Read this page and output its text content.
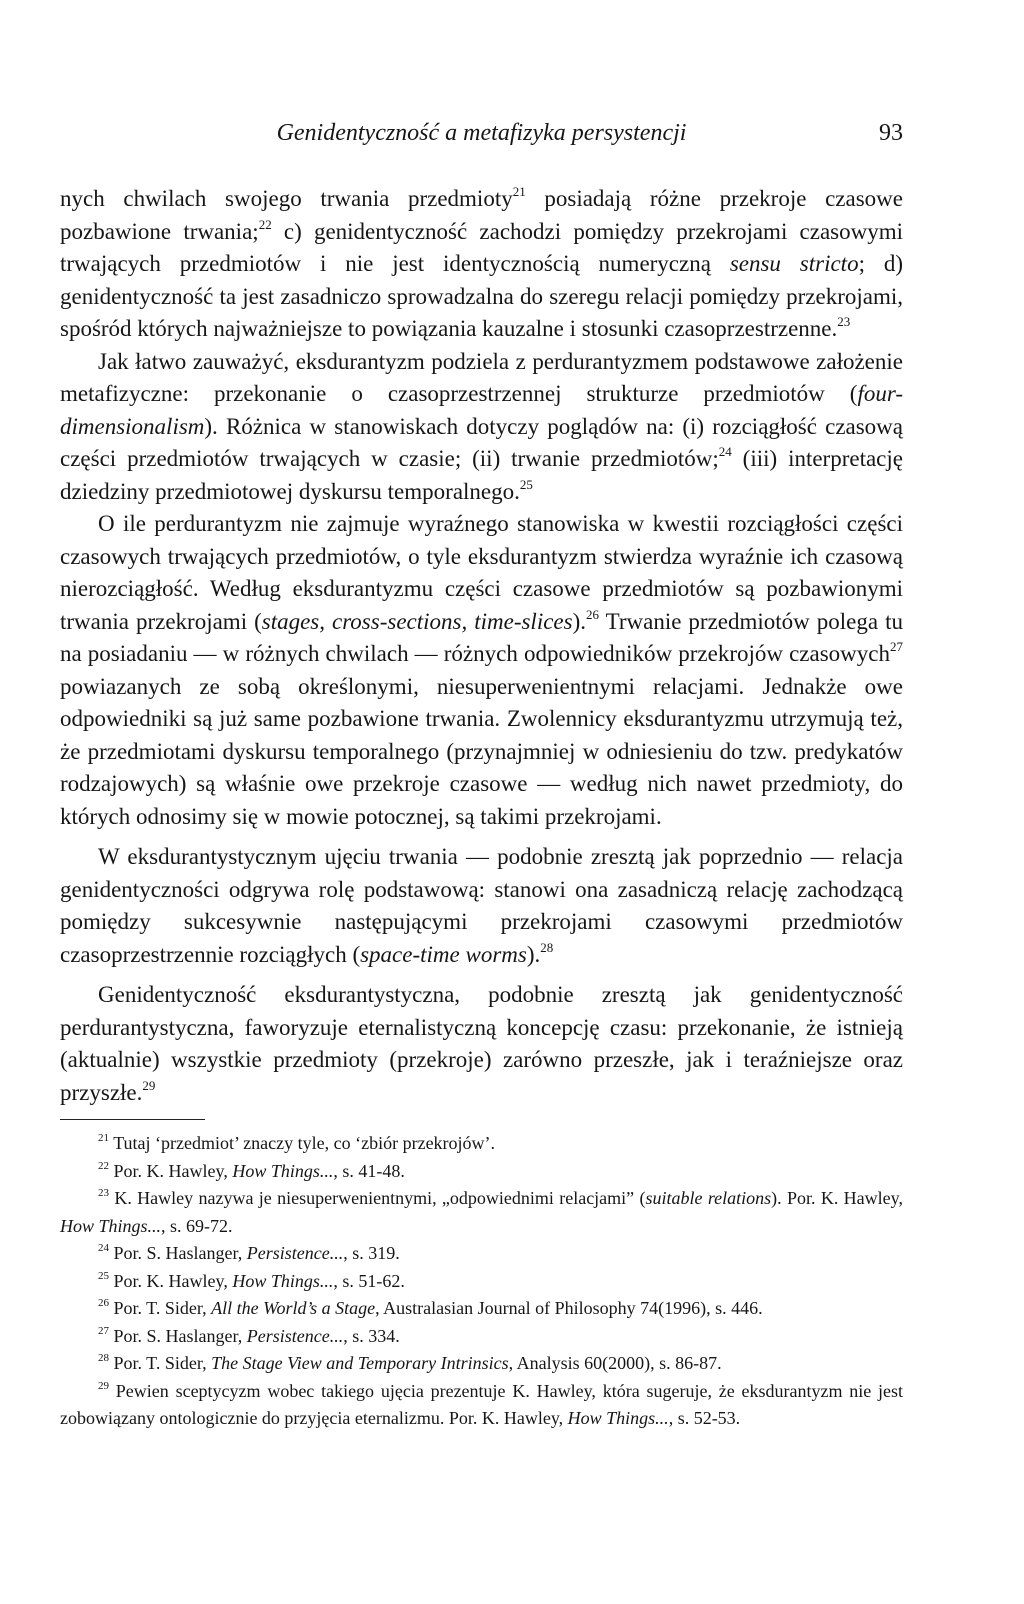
Genidentyczność a metafizyka persystencji	93

nych chwilach swojego trwania przedmioty$^{21}$ posiadają różne przekroje czasowe pozbawione trwania;$^{22}$ c) genidentyczność zachodzi pomiędzy przekrojami czasowymi trwających przedmiotów i nie jest identycznością numeryczną sensu stricto; d) genidentyczność ta jest zasadniczo sprowadzalna do szeregu relacji pomiędzy przekrojami, spośród których najważniejsze to powiązania kauzalne i stosunki czasoprzestrzenne.$^{23}$

Jak łatwo zauważyć, eksdurantyzm podziela z perdurantyzmem podstawowe założenie metafizyczne: przekonanie o czasoprzestrzennej strukturze przedmiotów (four-dimensionalism). Różnica w stanowiskach dotyczy poglądów na: (i) rozciągłość czasową części przedmiotów trwających w czasie; (ii) trwanie przedmiotów;$^{24}$ (iii) interpretację dziedziny przedmiotowej dyskursu temporalnego.$^{25}$

O ile perdurantyzm nie zajmuje wyraźnego stanowiska w kwestii rozciągłości części czasowych trwających przedmiotów, o tyle eksdurantyzm stwierdza wyraźnie ich czasową nierozciągłość. Według eksdurantyzmu części czasowe przedmiotów są pozbawionymi trwania przekrojami (stages, cross-sections, time-slices).$^{26}$ Trwanie przedmiotów polega tu na posiadaniu — w różnych chwilach — różnych odpowiedników przekrojów czasowych$^{27}$ powiazanych ze sobą określonymi, niesuperwenientnymi relacjami. Jednakże owe odpowiedniki są już same pozbawione trwania. Zwolennicy eksdurantyzmu utrzymują też, że przedmiotami dyskursu temporalnego (przynajmniej w odniesieniu do tzw. predykatów rodzajowych) są właśnie owe przekroje czasowe — według nich nawet przedmioty, do których odnosimy się w mowie potocznej, są takimi przekrojami.

W eksdurantystycznym ujęciu trwania — podobnie zresztą jak poprzednio — relacja genidentyczności odgrywa rolę podstawową: stanowi ona zasadniczą relację zachodzącą pomiędzy sukcesywnie następującymi przekrojami czasowymi przedmiotów czasoprzestrzennie rozciągłych (space-time worms).$^{28}$

Genidentyczność eksdurantystyczna, podobnie zresztą jak genidentyczność perdurantystyczna, faworyzuje eternalistyczną koncepcję czasu: przekonanie, że istnieją (aktualnie) wszystkie przedmioty (przekroje) zarówno przeszłe, jak i teraźniejsze oraz przyszłe.$^{29}$

$^{21}$ Tutaj ‘przedmiot’ znaczy tyle, co ‘zbiór przekrojów’.

$^{22}$ Por. K. Hawley, How Things..., s. 41-48.

$^{23}$ K. Hawley nazywa je niesuperwenientnymi, „odpowiednimi relacjami” (suitable relations). Por. K. Hawley, How Things..., s. 69-72.

$^{24}$ Por. S. Haslanger, Persistence..., s. 319.

$^{25}$ Por. K. Hawley, How Things..., s. 51-62.

$^{26}$ Por. T. Sider, All the World’s a Stage, Australasian Journal of Philosophy 74(1996), s. 446.

$^{27}$ Por. S. Haslanger, Persistence..., s. 334.

$^{28}$ Por. T. Sider, The Stage View and Temporary Intrinsics, Analysis 60(2000), s. 86-87.

$^{29}$ Pewien sceptycyzm wobec takiego ujęcia prezentuje K. Hawley, która sugeruje, że eksdurantyzm nie jest zobowiązany ontologicznie do przyjęcia eternalizmu. Por. K. Hawley, How Things..., s. 52-53.
